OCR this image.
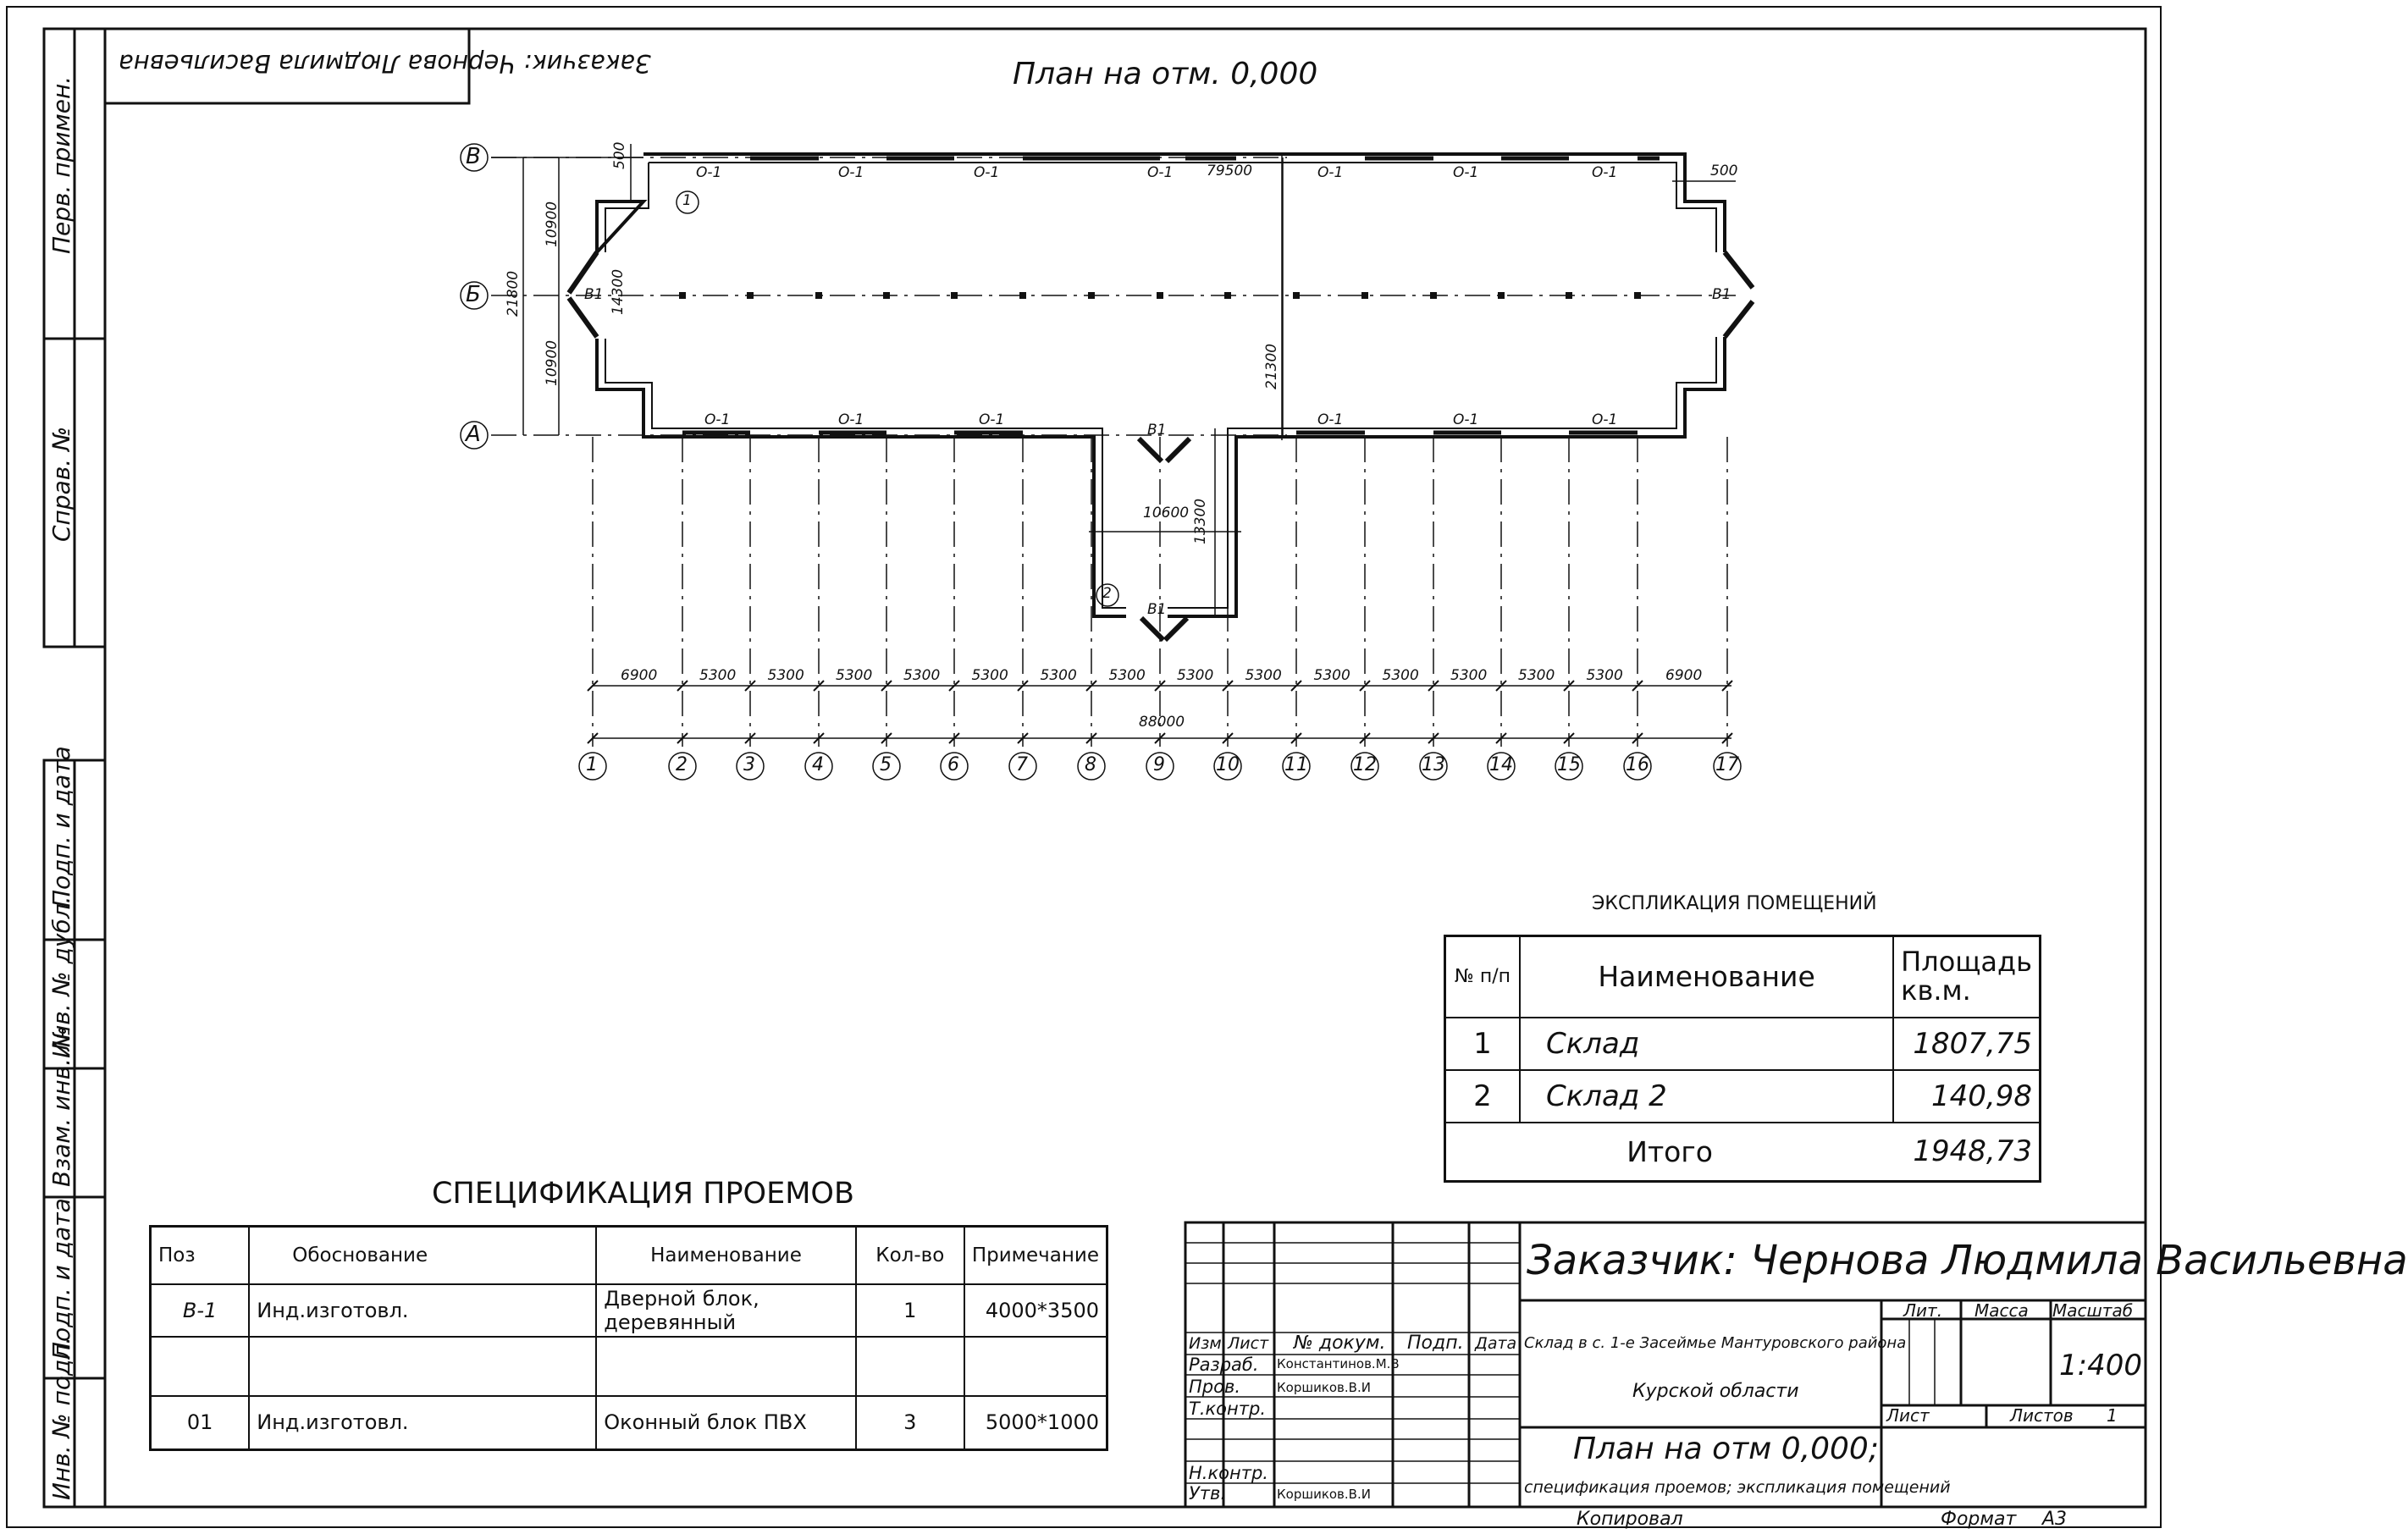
Заказчик: Чернова Людмила Васильевна	План на отм. 0,000
Перв. примен.
Справ. №
Подп. и дата
Инв. № дубл.
Взам. инв. №
Подп. и дата
Инв. № подл.
В
Б
А
1	2	3	4	5	6	7	8	9	10 11 12 13 14 15 16	17
6900	5300 5300 5300 5300 5300 5300 5300 5300 5300 5300 5300 5300 5300 5300	6900
88000
79500	500
500
10900
10900
21800	14300
21300
10600 13300
О-1	О-1	О-1	О-1	О-1	О-1	О-1
О-1	О-1	О-1	О-1	О-1	О-1
В1	В1
В1
В1
1
2
ЭКСПЛИКАЦИЯ ПОМЕЩЕНИЙ
№ п/п	Наименование	Площадь кв.м.
1	Склад	1807,75
2	Склад 2	140,98
Итого		1948,73
СПЕЦИФИКАЦИЯ ПРОЕМОВ
Поз	Обоснование	Наименование	Кол-во	Примечание
В-1	Инд.изготовл.	Дверной блок, деревянный	1	4000*3500

01	Инд.изготовл.	Оконный блок ПВХ	3	5000*1000
Заказчик: Чернова Людмила Васильевна
Изм. Лист № докум. Подп. Дата
Разраб. Константинов.М.В
Пров.	Коршиков.В.И
Т.контр.
Н.контр.
Утв.	Коршиков.В.И
Склад в с. 1-е Засеймье Мантуровского района
Курской области
Лит. Масса Масштаб
1:400
Лист	Листов 1
План на отм 0,000;
спецификация проемов; экспликация помещений
Копировал	Формат А3
